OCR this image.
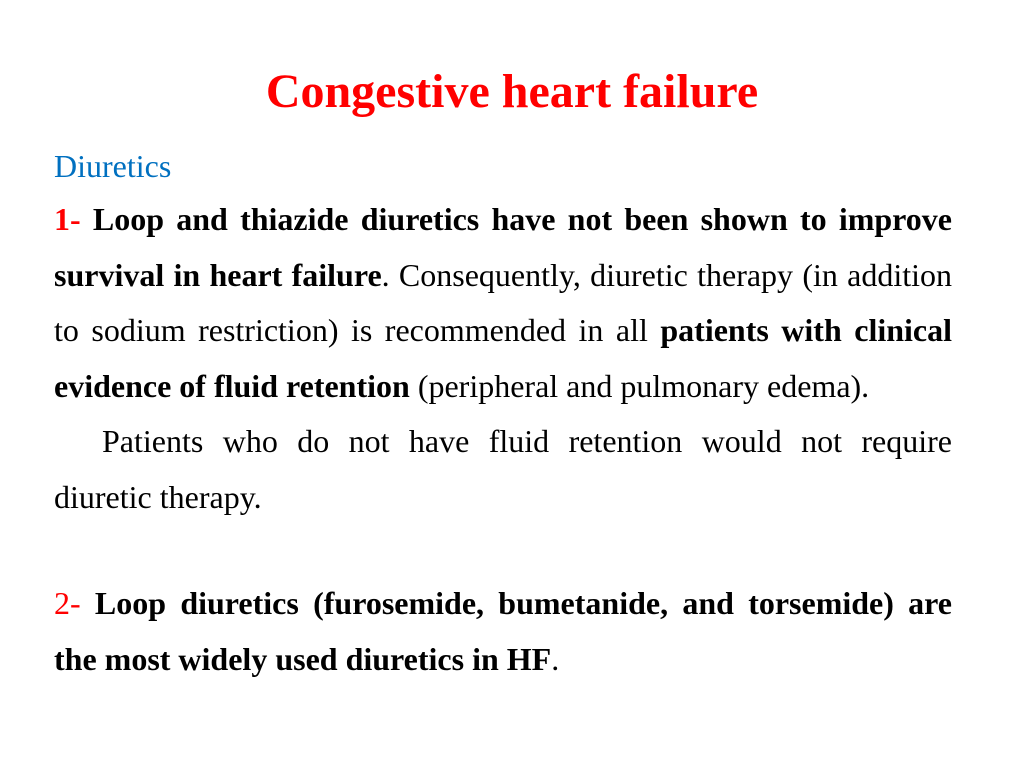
Congestive heart failure
Diuretics

1- Loop and thiazide diuretics have not been shown to improve survival in heart failure. Consequently, diuretic therapy (in addition to sodium restriction) is recommended in all patients with clinical evidence of fluid retention (peripheral and pulmonary edema).

Patients who do not have fluid retention would not require diuretic therapy.

2- Loop diuretics (furosemide, bumetanide, and torsemide) are the most widely used diuretics in HF.
